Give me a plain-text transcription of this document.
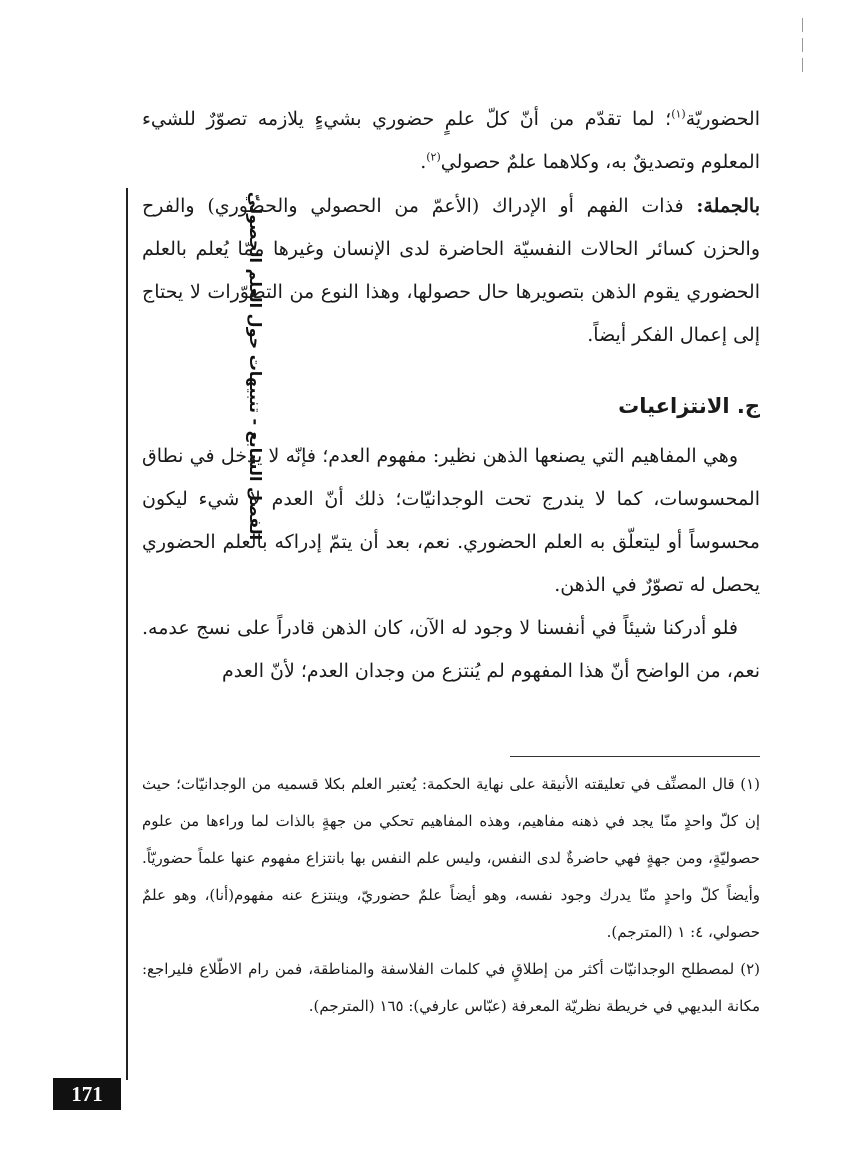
الفصل السابع - تنبيهات حول العلم الحصوليّ
الحضوريّة$^{(١)}$؛ لما تقدّم من أنّ كلّ علمٍ حضوري بشيءٍ يلازمه تصوّرٌ للشيء المعلوم وتصديقٌ به، وكلاهما علمٌ حصولي$^{(٢)}$.
بالجملة: فذات الفهم أو الإدراك (الأعمّ من الحصولي والحضوري) والفرح والحزن كسائر الحالات النفسيّة الحاضرة لدى الإنسان وغيرها ممّا يُعلم بالعلم الحضوري يقوم الذهن بتصويرها حال حصولها، وهذا النوع من التصوّرات لا يحتاج إلى إعمال الفكر أيضاً.
ج. الانتزاعيات
وهي المفاهيم التي يصنعها الذهن نظير: مفهوم العدم؛ فإنّه لا يدخل في نطاق المحسوسات، كما لا يندرج تحت الوجدانيّات؛ ذلك أنّ العدم لا شيء ليكون محسوساً أو ليتعلّق به العلم الحضوري. نعم، بعد أن يتمّ إدراكه بالعلم الحضوري يحصل له تصوّرٌ في الذهن.
فلو أدركنا شيئاً في أنفسنا لا وجود له الآن، كان الذهن قادراً على نسج عدمه. نعم، من الواضح أنّ هذا المفهوم لم يُنتزع من وجدان العدم؛ لأنّ العدم

(١) قال المصنِّف في تعليقته الأنيقة على نهاية الحكمة: يُعتبر العلم بكلا قسميه من الوجدانيّات؛ حيث إن كلّ واحدٍ منّا يجد في ذهنه مفاهيم، وهذه المفاهيم تحكي من جهةٍ بالذات لما وراءها من علوم حصوليّةٍ، ومن جهةٍ فهي حاضرةٌ لدى النفس، وليس علم النفس بها بانتزاع مفهوم عنها علماً حضوريّاً. وأيضاً كلّ واحدٍ منّا يدرك وجود نفسه، وهو أيضاً علمٌ حضوريّ، وينتزع عنه مفهوم(أنا)، وهو علمٌ حصولي، ٤: ١ (المترجم).

(٢) لمصطلح الوجدانيّات أكثر من إطلاقٍ في كلمات الفلاسفة والمناطقة، فمن رام الاطّلاع فليراجع: مكانة البديهي في خريطة نظريّة المعرفة (عبّاس عارفي): ١٦٥ (المترجم).

171
